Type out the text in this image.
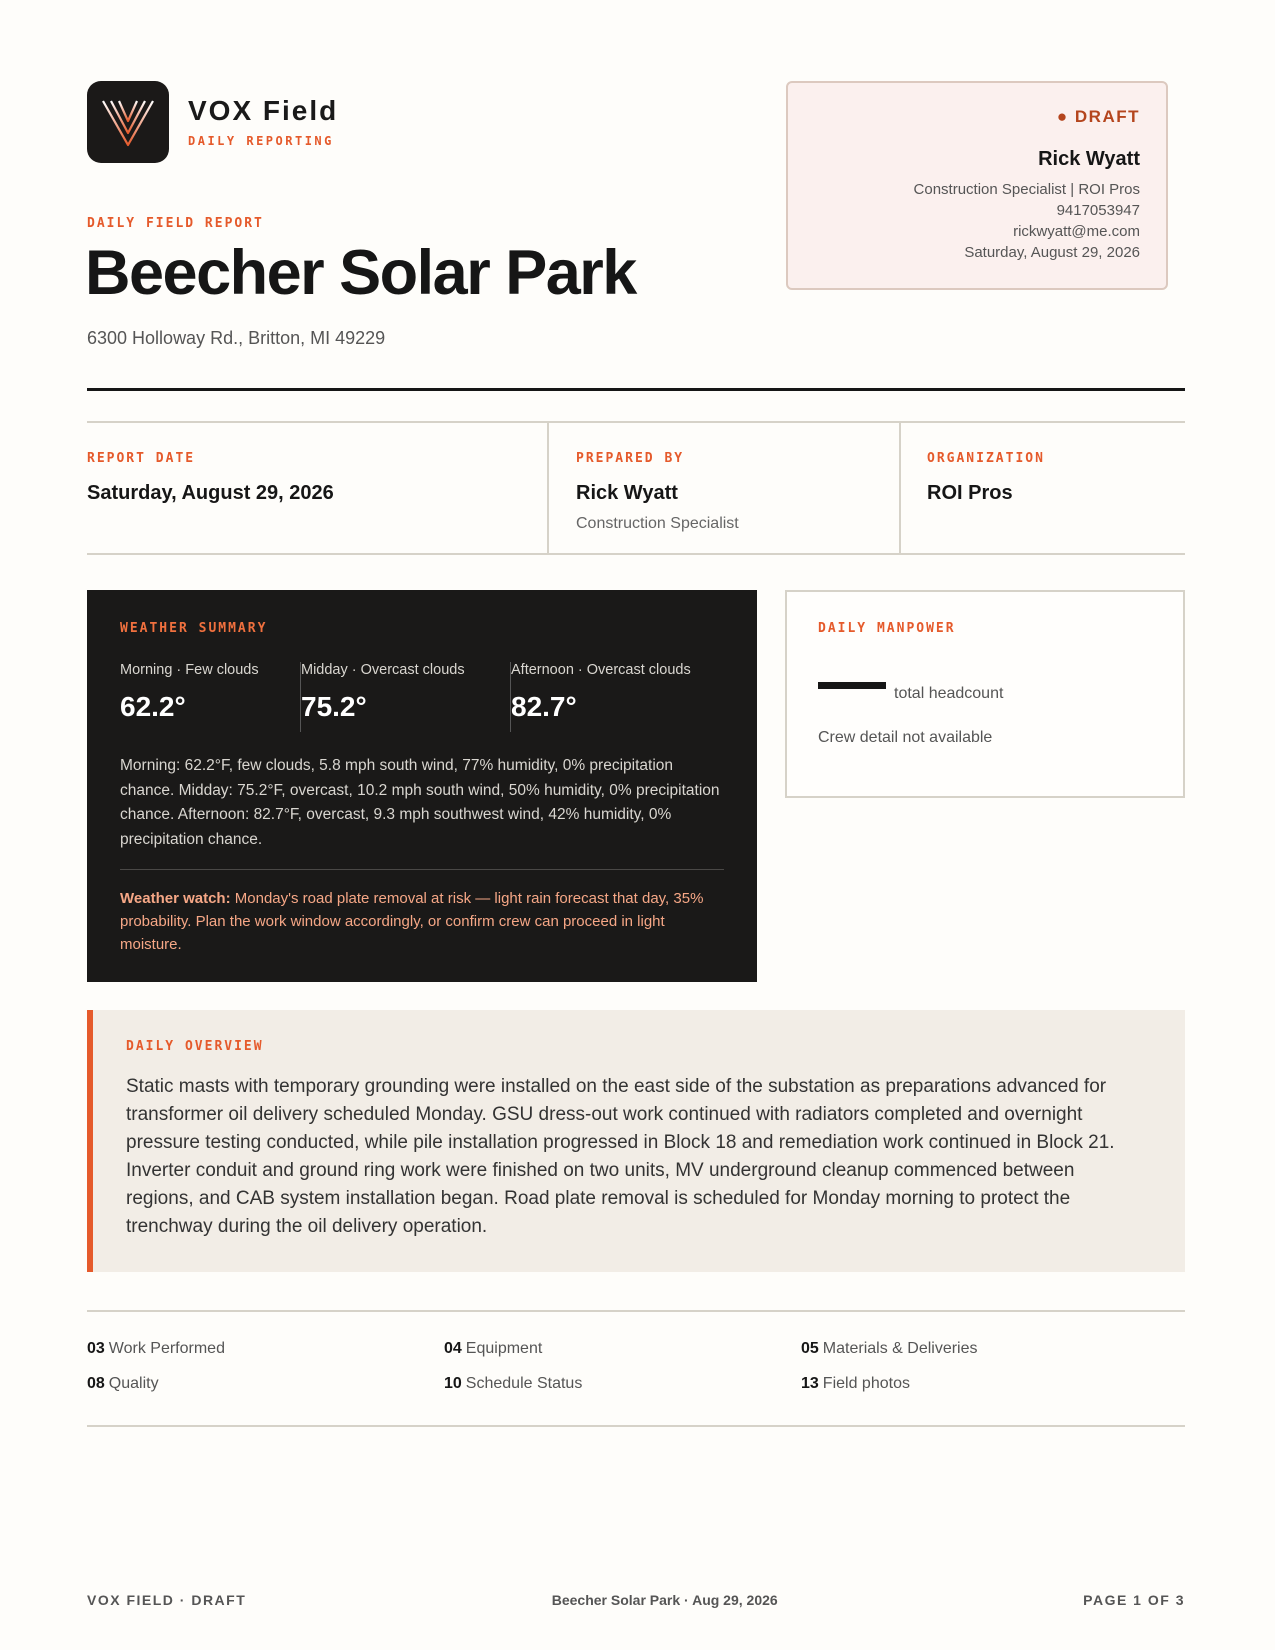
VOX Field
DAILY REPORTING
DAILY FIELD REPORT
Beecher Solar Park
6300 Holloway Rd., Britton, MI 49229
● DRAFT
Rick Wyatt
Construction Specialist | ROI Pros
9417053947
rickwyatt@me.com
Saturday, August 29, 2026
REPORT DATE
Saturday, August 29, 2026
PREPARED BY
Rick Wyatt
Construction Specialist
ORGANIZATION
ROI Pros
WEATHER SUMMARY
Morning · Few clouds
62.2°
Midday · Overcast clouds
75.2°
Afternoon · Overcast clouds
82.7°
Morning: 62.2°F, few clouds, 5.8 mph south wind, 77% humidity, 0% precipitation chance. Midday: 75.2°F, overcast, 10.2 mph south wind, 50% humidity, 0% precipitation chance. Afternoon: 82.7°F, overcast, 9.3 mph southwest wind, 42% humidity, 0% precipitation chance.
Weather watch: Monday's road plate removal at risk — light rain forecast that day, 35% probability. Plan the work window accordingly, or confirm crew can proceed in light moisture.
DAILY MANPOWER
total headcount
Crew detail not available
DAILY OVERVIEW
Static masts with temporary grounding were installed on the east side of the substation as preparations advanced for transformer oil delivery scheduled Monday. GSU dress-out work continued with radiators completed and overnight pressure testing conducted, while pile installation progressed in Block 18 and remediation work continued in Block 21. Inverter conduit and ground ring work were finished on two units, MV underground cleanup commenced between regions, and CAB system installation began. Road plate removal is scheduled for Monday morning to protect the trenchway during the oil delivery operation.
03 Work Performed	04 Equipment	05 Materials & Deliveries
08 Quality	10 Schedule Status	13 Field photos
VOX FIELD · DRAFT	Beecher Solar Park · Aug 29, 2026	PAGE 1 OF 3
